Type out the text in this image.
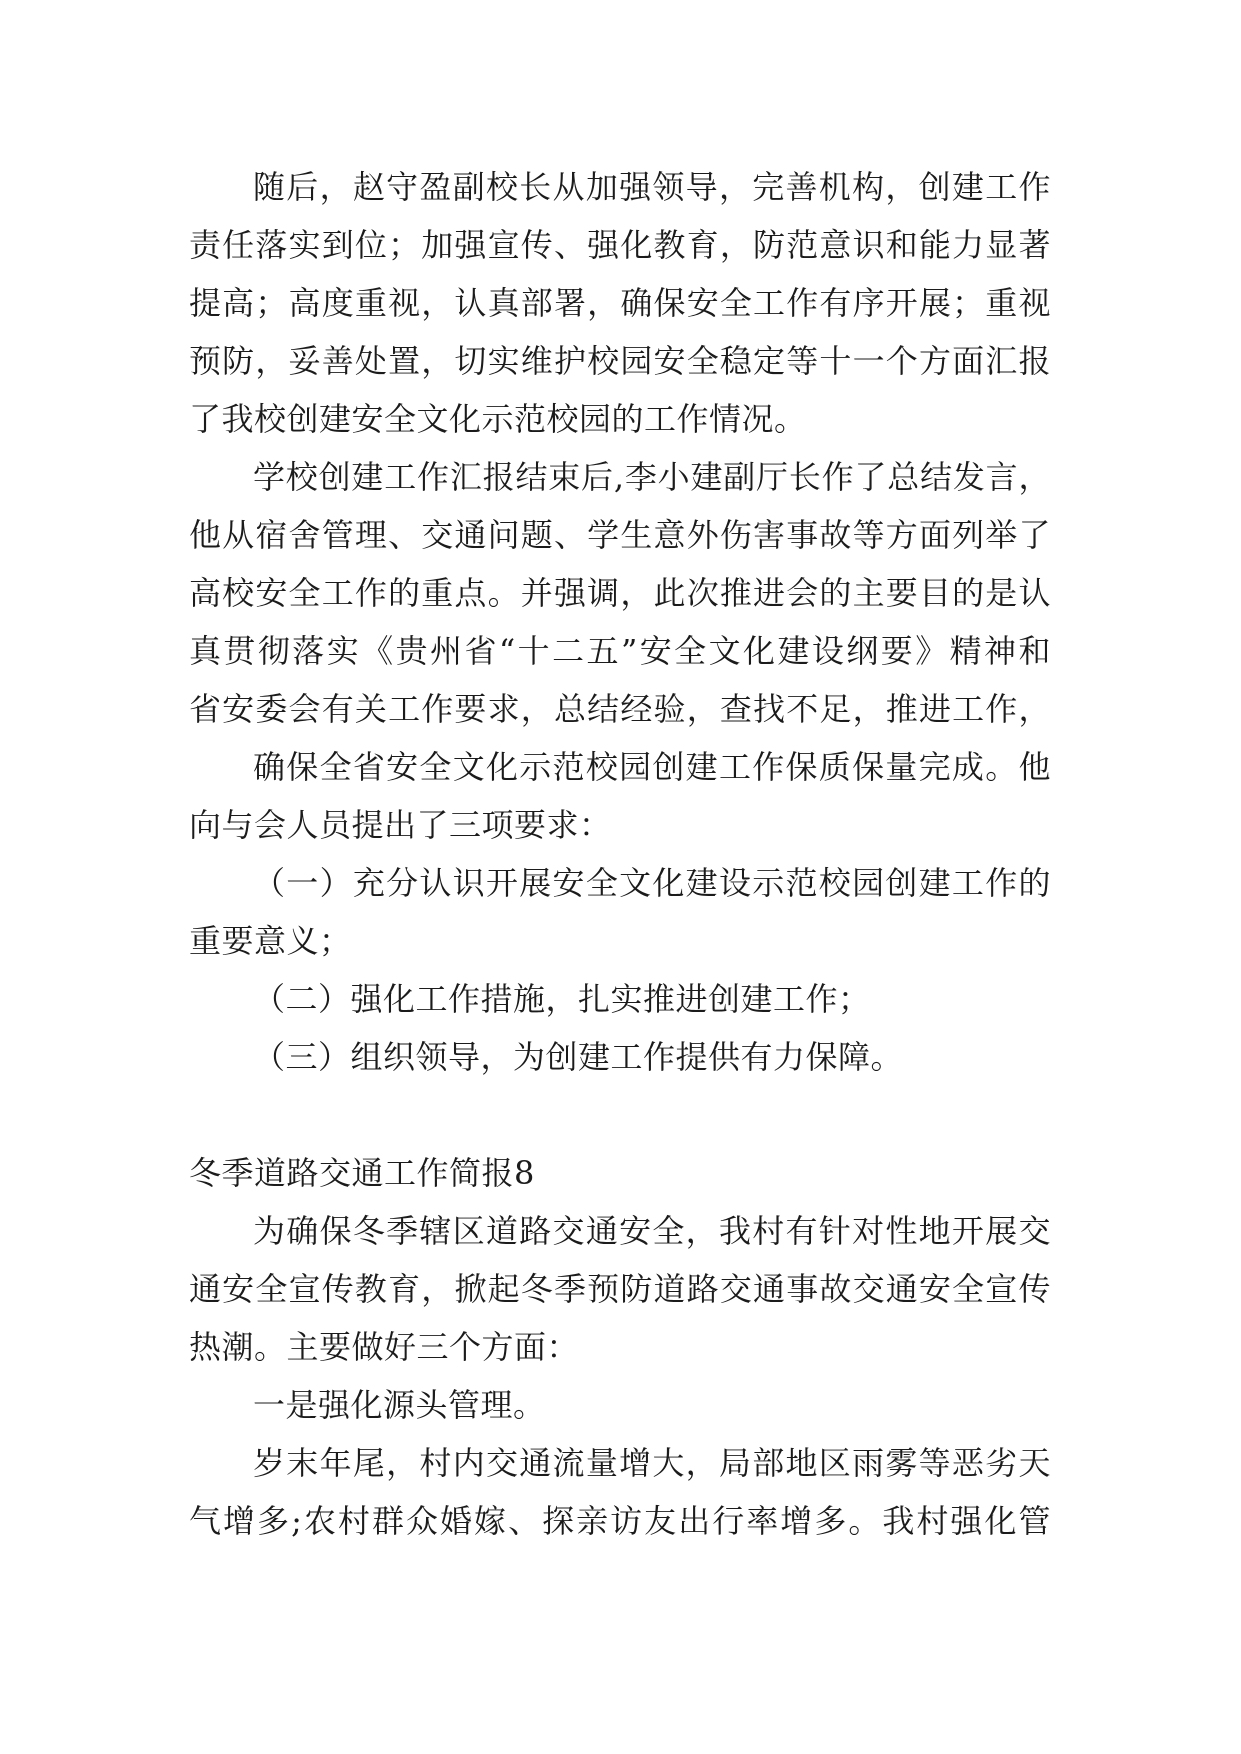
随后，赵守盈副校长从加强领导，完善机构，创建工作
责任落实到位；加强宣传、强化教育，防范意识和能力显著
提高；高度重视，认真部署，确保安全工作有序开展；重视
预防，妥善处置，切实维护校园安全稳定等十一个方面汇报
了我校创建安全文化示范校园的工作情况。
学校创建工作汇报结束后,李小建副厅长作了总结发言，
他从宿舍管理、交通问题、学生意外伤害事故等方面列举了
高校安全工作的重点。并强调，此次推进会的主要目的是认
真贯彻落实《贵州省“十二五”安全文化建设纲要》精神和
省安委会有关工作要求，总结经验，查找不足，推进工作，
确保全省安全文化示范校园创建工作保质保量完成。他
向与会人员提出了三项要求：
（一）充分认识开展安全文化建设示范校园创建工作的
重要意义；
（二）强化工作措施，扎实推进创建工作；
（三）组织领导，为创建工作提供有力保障。
冬季道路交通工作简报8
为确保冬季辖区道路交通安全，我村有针对性地开展交
通安全宣传教育，掀起冬季预防道路交通事故交通安全宣传
热潮。主要做好三个方面：
一是强化源头管理。
岁末年尾，村内交通流量增大，局部地区雨雾等恶劣天
气增多;农村群众婚嫁、探亲访友出行率增多。我村强化管
